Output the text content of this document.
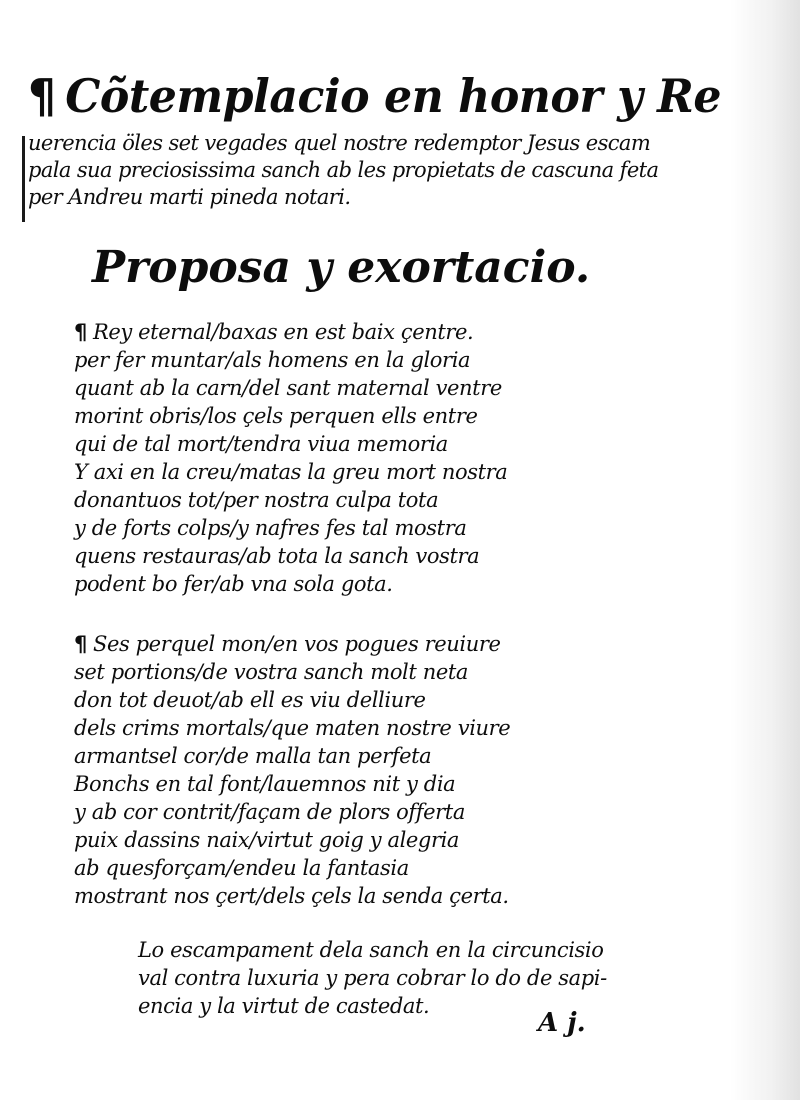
¶ Cõtemplacio en honor y Re
uerencia öles set vegades quel nostre redemptor Jesus escam
pala sua preciosissima sanch ab les propietats de cascuna feta
per Andreu marti pineda notari.
Proposa y exortacio.
¶ Rey eternal/baxas en est baix çentre.
per fer muntar/als homens en la gloria
quant ab la carn/del sant maternal ventre
morint obris/los çels perquen ells entre
qui de tal mort/tendra viua memoria
Y axi en la creu/matas la greu mort nostra
donantuos tot/per nostra culpa tota
y de forts colps/y nafres fes tal mostra
quens restauras/ab tota la sanch vostra
podent bo fer/ab vna sola gota.
¶ Ses perquel mon/en vos pogues reuiure
set portions/de vostra sanch molt neta
don tot deuot/ab ell es viu delliure
dels crims mortals/que maten nostre viure
armantsel cor/de malla tan perfeta
Bonchs en tal font/lauemnos nit y dia
y ab cor contrit/façam de plors offerta
puix dassins naix/virtut goig y alegria
ab quesforçam/endeu la fantasia
mostrant nos çert/dels çels la senda çerta.
Lo escampament dela sanch en la circuncisio
val contra luxuria y pera cobrar lo do de sapi-
encia y la virtut de castedat.
A j.
